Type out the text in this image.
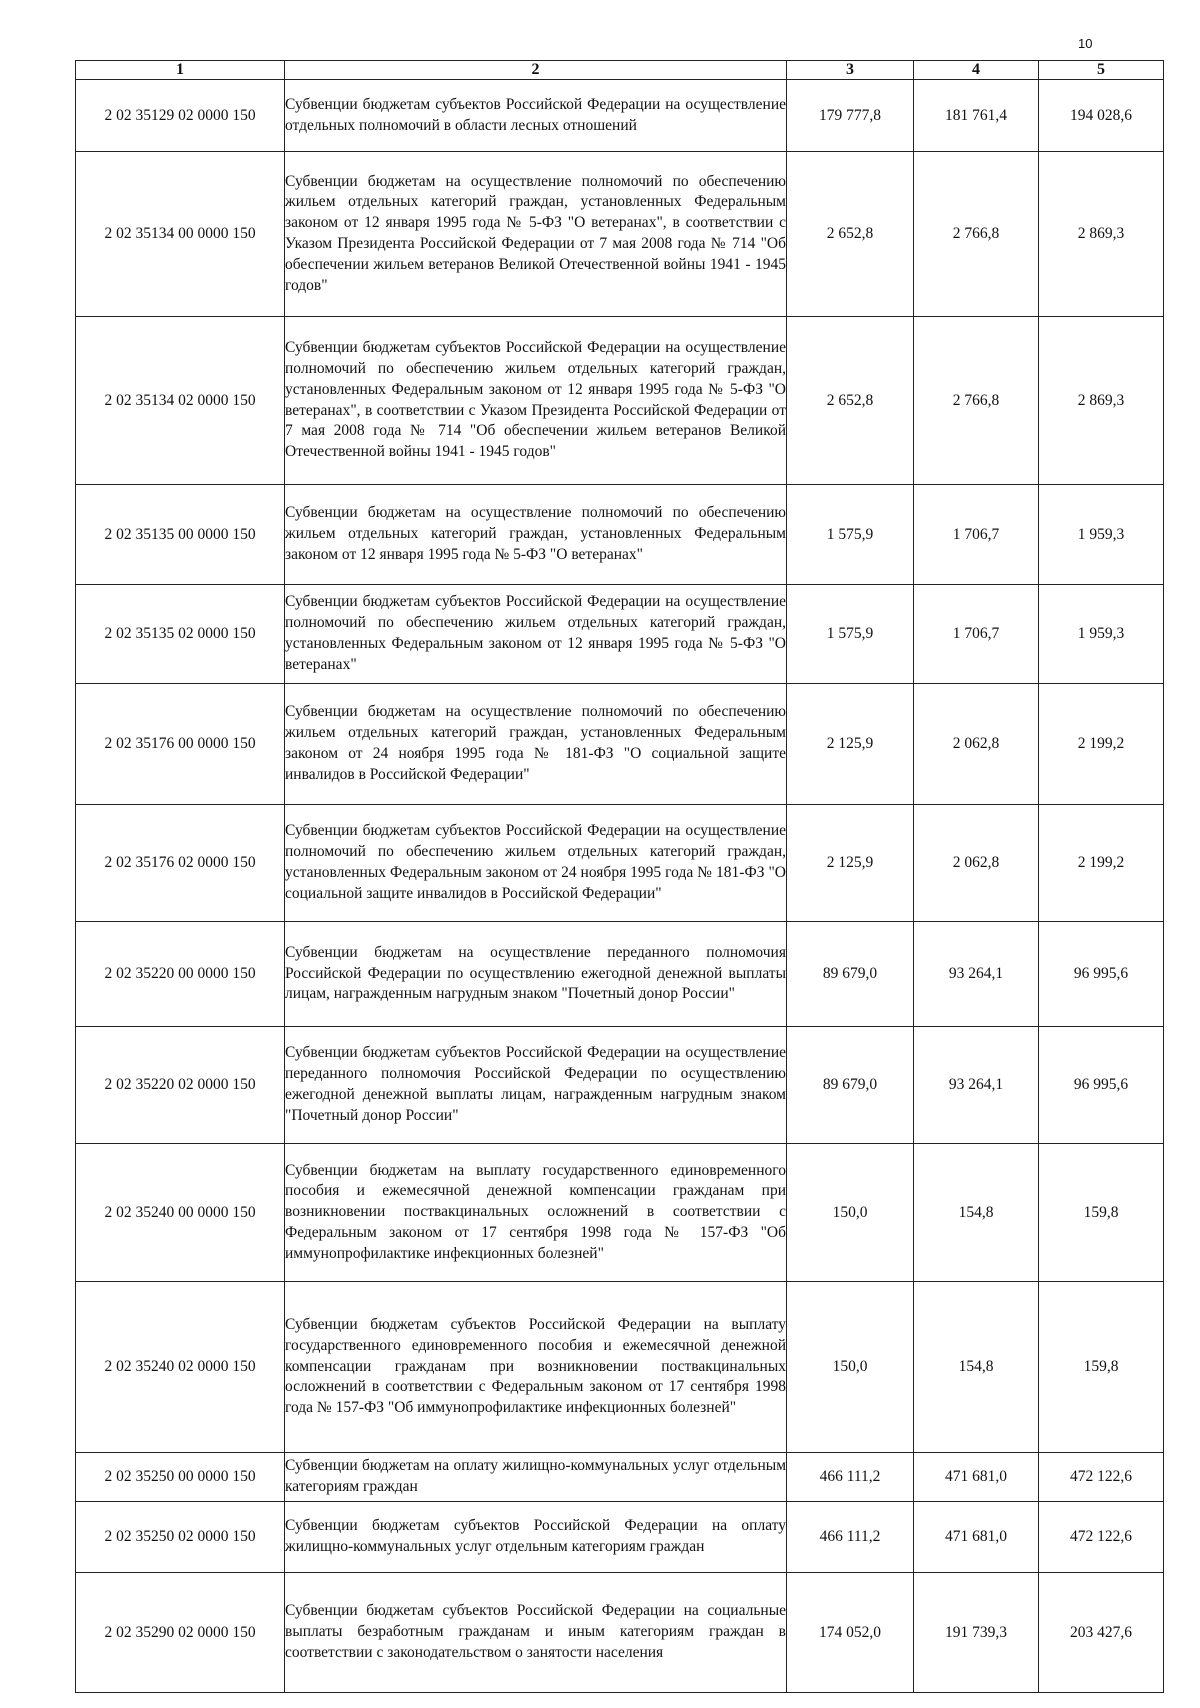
10
1	2	3	4	5
2 02 35129 02 0000 150	Субвенции бюджетам субъектов Российской Федерации на осуществление отдельных полномочий в области лесных отношений	179 777,8	181 761,4	194 028,6
2 02 35134 00 0000 150	Субвенции бюджетам на осуществление полномочий по обеспечению жильем отдельных категорий граждан, установленных Федеральным законом от 12 января 1995 года № 5-ФЗ "О ветеранах", в соответствии с Указом Президента Российской Федерации от 7 мая 2008 года № 714 "Об обеспечении жильем ветеранов Великой Отечественной войны 1941 - 1945 годов"	2 652,8	2 766,8	2 869,3
2 02 35134 02 0000 150	Субвенции бюджетам субъектов Российской Федерации на осуществление полномочий по обеспечению жильем отдельных категорий граждан, установленных Федеральным законом от 12 января 1995 года № 5-ФЗ "О ветеранах", в соответствии с Указом Президента Российской Федерации от 7 мая 2008 года № 714 "Об обеспечении жильем ветеранов Великой Отечественной войны 1941 - 1945 годов"	2 652,8	2 766,8	2 869,3
2 02 35135 00 0000 150	Субвенции бюджетам на осуществление полномочий по обеспечению жильем отдельных категорий граждан, установленных Федеральным законом от 12 января 1995 года № 5-ФЗ "О ветеранах"	1 575,9	1 706,7	1 959,3
2 02 35135 02 0000 150	Субвенции бюджетам субъектов Российской Федерации на осуществление полномочий по обеспечению жильем отдельных категорий граждан, установленных Федеральным законом от 12 января 1995 года № 5-ФЗ "О ветеранах"	1 575,9	1 706,7	1 959,3
2 02 35176 00 0000 150	Субвенции бюджетам на осуществление полномочий по обеспечению жильем отдельных категорий граждан, установленных Федеральным законом от 24 ноября 1995 года № 181-ФЗ "О социальной защите инвалидов в Российской Федерации"	2 125,9	2 062,8	2 199,2
2 02 35176 02 0000 150	Субвенции бюджетам субъектов Российской Федерации на осуществление полномочий по обеспечению жильем отдельных категорий граждан, установленных Федеральным законом от 24 ноября 1995 года № 181-ФЗ "О социальной защите инвалидов в Российской Федерации"	2 125,9	2 062,8	2 199,2
2 02 35220 00 0000 150	Субвенции бюджетам на осуществление переданного полномочия Российской Федерации по осуществлению ежегодной денежной выплаты лицам, награжденным нагрудным знаком "Почетный донор России"	89 679,0	93 264,1	96 995,6
2 02 35220 02 0000 150	Субвенции бюджетам субъектов Российской Федерации на осуществление переданного полномочия Российской Федерации по осуществлению ежегодной денежной выплаты лицам, награжденным нагрудным знаком "Почетный донор России"	89 679,0	93 264,1	96 995,6
2 02 35240 00 0000 150	Субвенции бюджетам на выплату государственного единовременного пособия и ежемесячной денежной компенсации гражданам при возникновении поствакцинальных осложнений в соответствии с Федеральным законом от 17 сентября 1998 года № 157-ФЗ "Об иммунопрофилактике инфекционных болезней"	150,0	154,8	159,8
2 02 35240 02 0000 150	Субвенции бюджетам субъектов Российской Федерации на выплату государственного единовременного пособия и ежемесячной денежной компенсации гражданам при возникновении поствакцинальных осложнений в соответствии с Федеральным законом от 17 сентября 1998 года № 157-ФЗ "Об иммунопрофилактике инфекционных болезней"	150,0	154,8	159,8
2 02 35250 00 0000 150	Субвенции бюджетам на оплату жилищно-коммунальных услуг отдельным категориям граждан	466 111,2	471 681,0	472 122,6
2 02 35250 02 0000 150	Субвенции бюджетам субъектов Российской Федерации на оплату жилищно-коммунальных услуг отдельным категориям граждан	466 111,2	471 681,0	472 122,6
2 02 35290 02 0000 150	Субвенции бюджетам субъектов Российской Федерации на социальные выплаты безработным гражданам и иным категориям граждан в соответствии с законодательством о занятости населения	174 052,0	191 739,3	203 427,6
